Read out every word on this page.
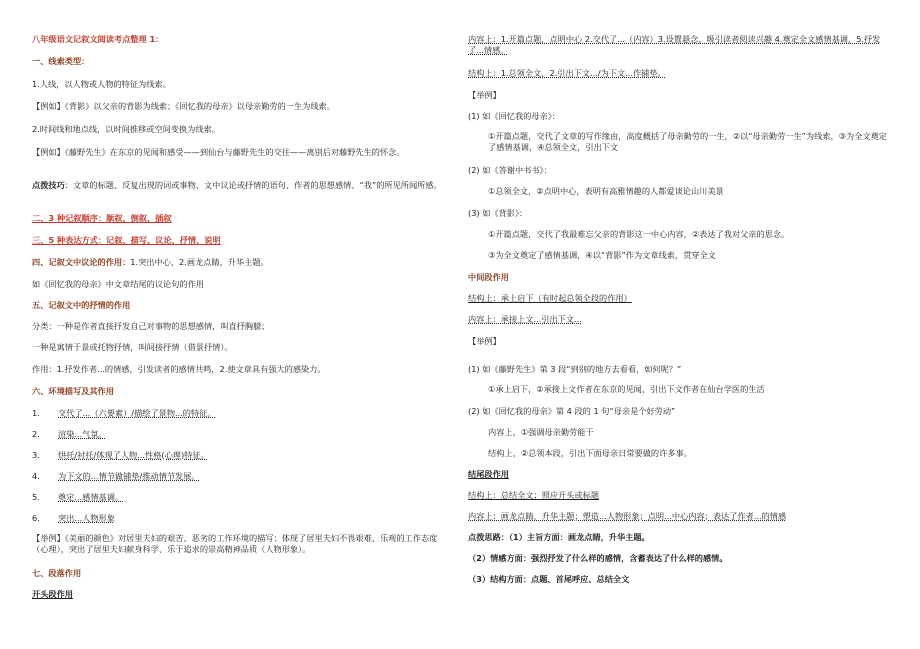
八年级语文记叙文阅读考点整理 1：
一、线索类型：
1.人线，以人物或人物的特征为线索。
【例如】《背影》以父亲的背影为线索；《回忆我的母亲》以母亲勤劳的一生为线索。
2.时间线和地点线，以时间推移或空间变换为线索。
【例如】《藤野先生》在东京的见闻和感受——到仙台与藤野先生的交往——离别后对藤野先生的怀念。
点拨技巧：文章的标题、反复出现的词或事物、文中议论或抒情的语句、作者的思想感情、“我”的所见所闻所感。
二、3 种记叙顺序：顺叙、倒叙、插叙
三、5 种表达方式：记叙、描写、议论、抒情、说明
四、记叙文中议论的作用：1.突出中心，2.画龙点睛，升华主题。
如《回忆我的母亲》中文章结尾的议论句的作用
五、记叙文中的抒情的作用
分类：一种是作者直接抒发自己对事物的思想感情，叫直抒胸臆；
一种是寓情于景或托物抒情，叫间接抒情（借景抒情）。
作用：1.抒发作者...的情感，引发读者的感情共鸣，2.使文章具有强大的感染力。
六、环境描写及其作用
1. 交代了...（六要素）/描绘了景物...的特征。
2. 渲染...气氛。
3. 烘托/衬托/体现了人物...性格(心理)特征。
4. 为下文的...情节做铺垫/推动情节发展。
5. 奠定...感情基调。
6. 突出...人物形象
【举例】《美丽的颜色》对居里夫妇的艰苦、恶劣的工作环境的描写：体现了居里夫妇不畏艰难、乐观的工作态度（心理），突出了居里夫妇献身科学、乐于追求的崇高精神品质（人物形象）。
七、段落作用
开头段作用
内容上：1.开篇点题，点明中心 2.交代了...（内容）3.设置悬念，吸引读者阅读兴趣 4.奠定全文感情基调，5.抒发了...情感。
结构上：1.总领全文，2.引出下文.../为下文...作铺垫。
【举例】
(1) 如《回忆我的母亲》：
①开篇点题，交代了文章的写作缘由，高度概括了母亲勤劳的一生，②以“母亲勤劳一生”为线索，③为全文奠定了感情基调，④总领全文，引出下文
(2) 如《答谢中书书》：
①总领全文，②点明中心，表明有高雅情趣的人都爱谈论山川美景
(3) 如《背影》：
①开篇点题，交代了我最难忘父亲的背影这一中心内容，②表达了我对父亲的思念。
③为全文奠定了感情基调，④以“背影”作为文章线索，贯穿全文
中间段作用
结构上：承上启下（有时起总领全段的作用）
内容上：承接上文...引出下文...
【举例】
(1) 如《藤野先生》第 3 段“到别的地方去看看，如何呢？”
①承上启下，②承接上文作者在东京的见闻，引出下文作者在仙台学医的生活
(2) 如《回忆我的母亲》第 4 段的 1 句“母亲是个好劳动”
内容上，①强调母亲勤劳能干
结构上，②总领本段，引出下面母亲日常要做的许多事。
结尾段作用
结构上：总结全文；照应开头或标题
内容上：画龙点睛，升华主题；塑造...人物形象；点明...中心内容；表达了作者...的情感
点拨思路：（1）主旨方面：画龙点睛，升华主题。
（2）情感方面：强烈抒发了什么样的感情，含蓄表达了什么样的感情。
（3）结构方面：点题、首尾呼应、总结全文
